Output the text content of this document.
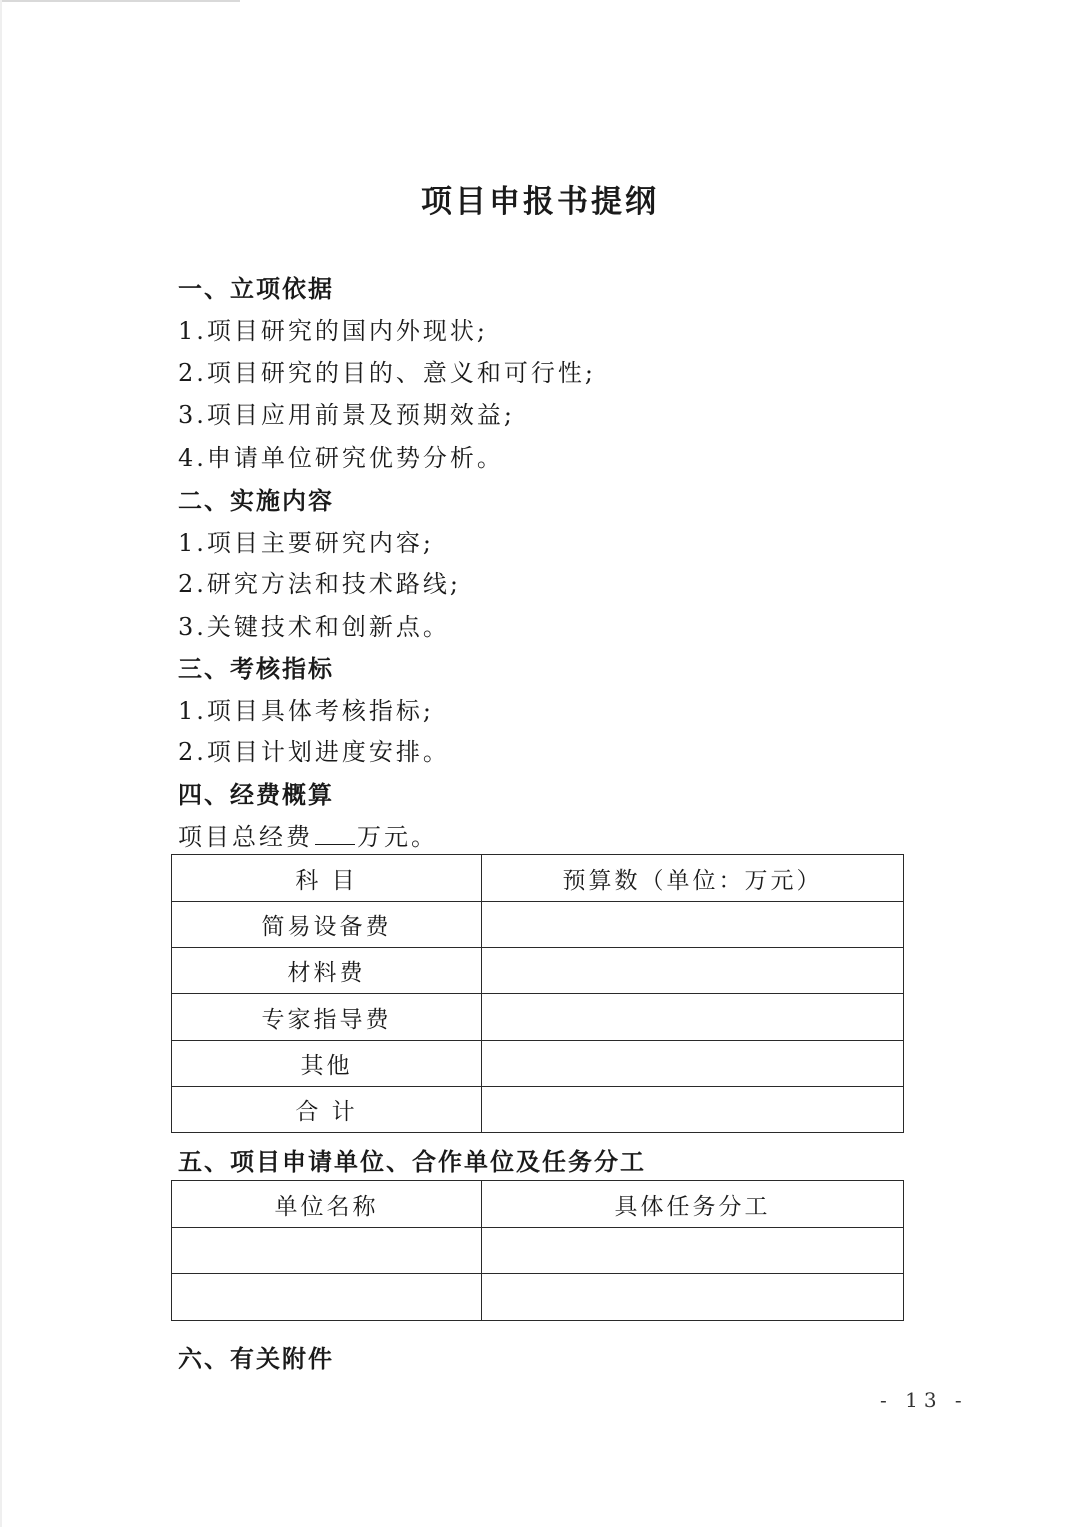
项目申报书提纲
一、立项依据
1.项目研究的国内外现状;
2.项目研究的目的、意义和可行性;
3.项目应用前景及预期效益;
4.申请单位研究优势分析。
二、实施内容
1.项目主要研究内容;
2.研究方法和技术路线;
3.关键技术和创新点。
三、考核指标
1.项目具体考核指标;
2.项目计划进度安排。
四、经费概算
项目总经费 万元。
科 目	预算数（单位：万元）
简易设备费	
材料费	
专家指导费	
其他	
合 计	
五、项目申请单位、合作单位及任务分工
单位名称	具体任务分工

六、有关附件
- 13 -
